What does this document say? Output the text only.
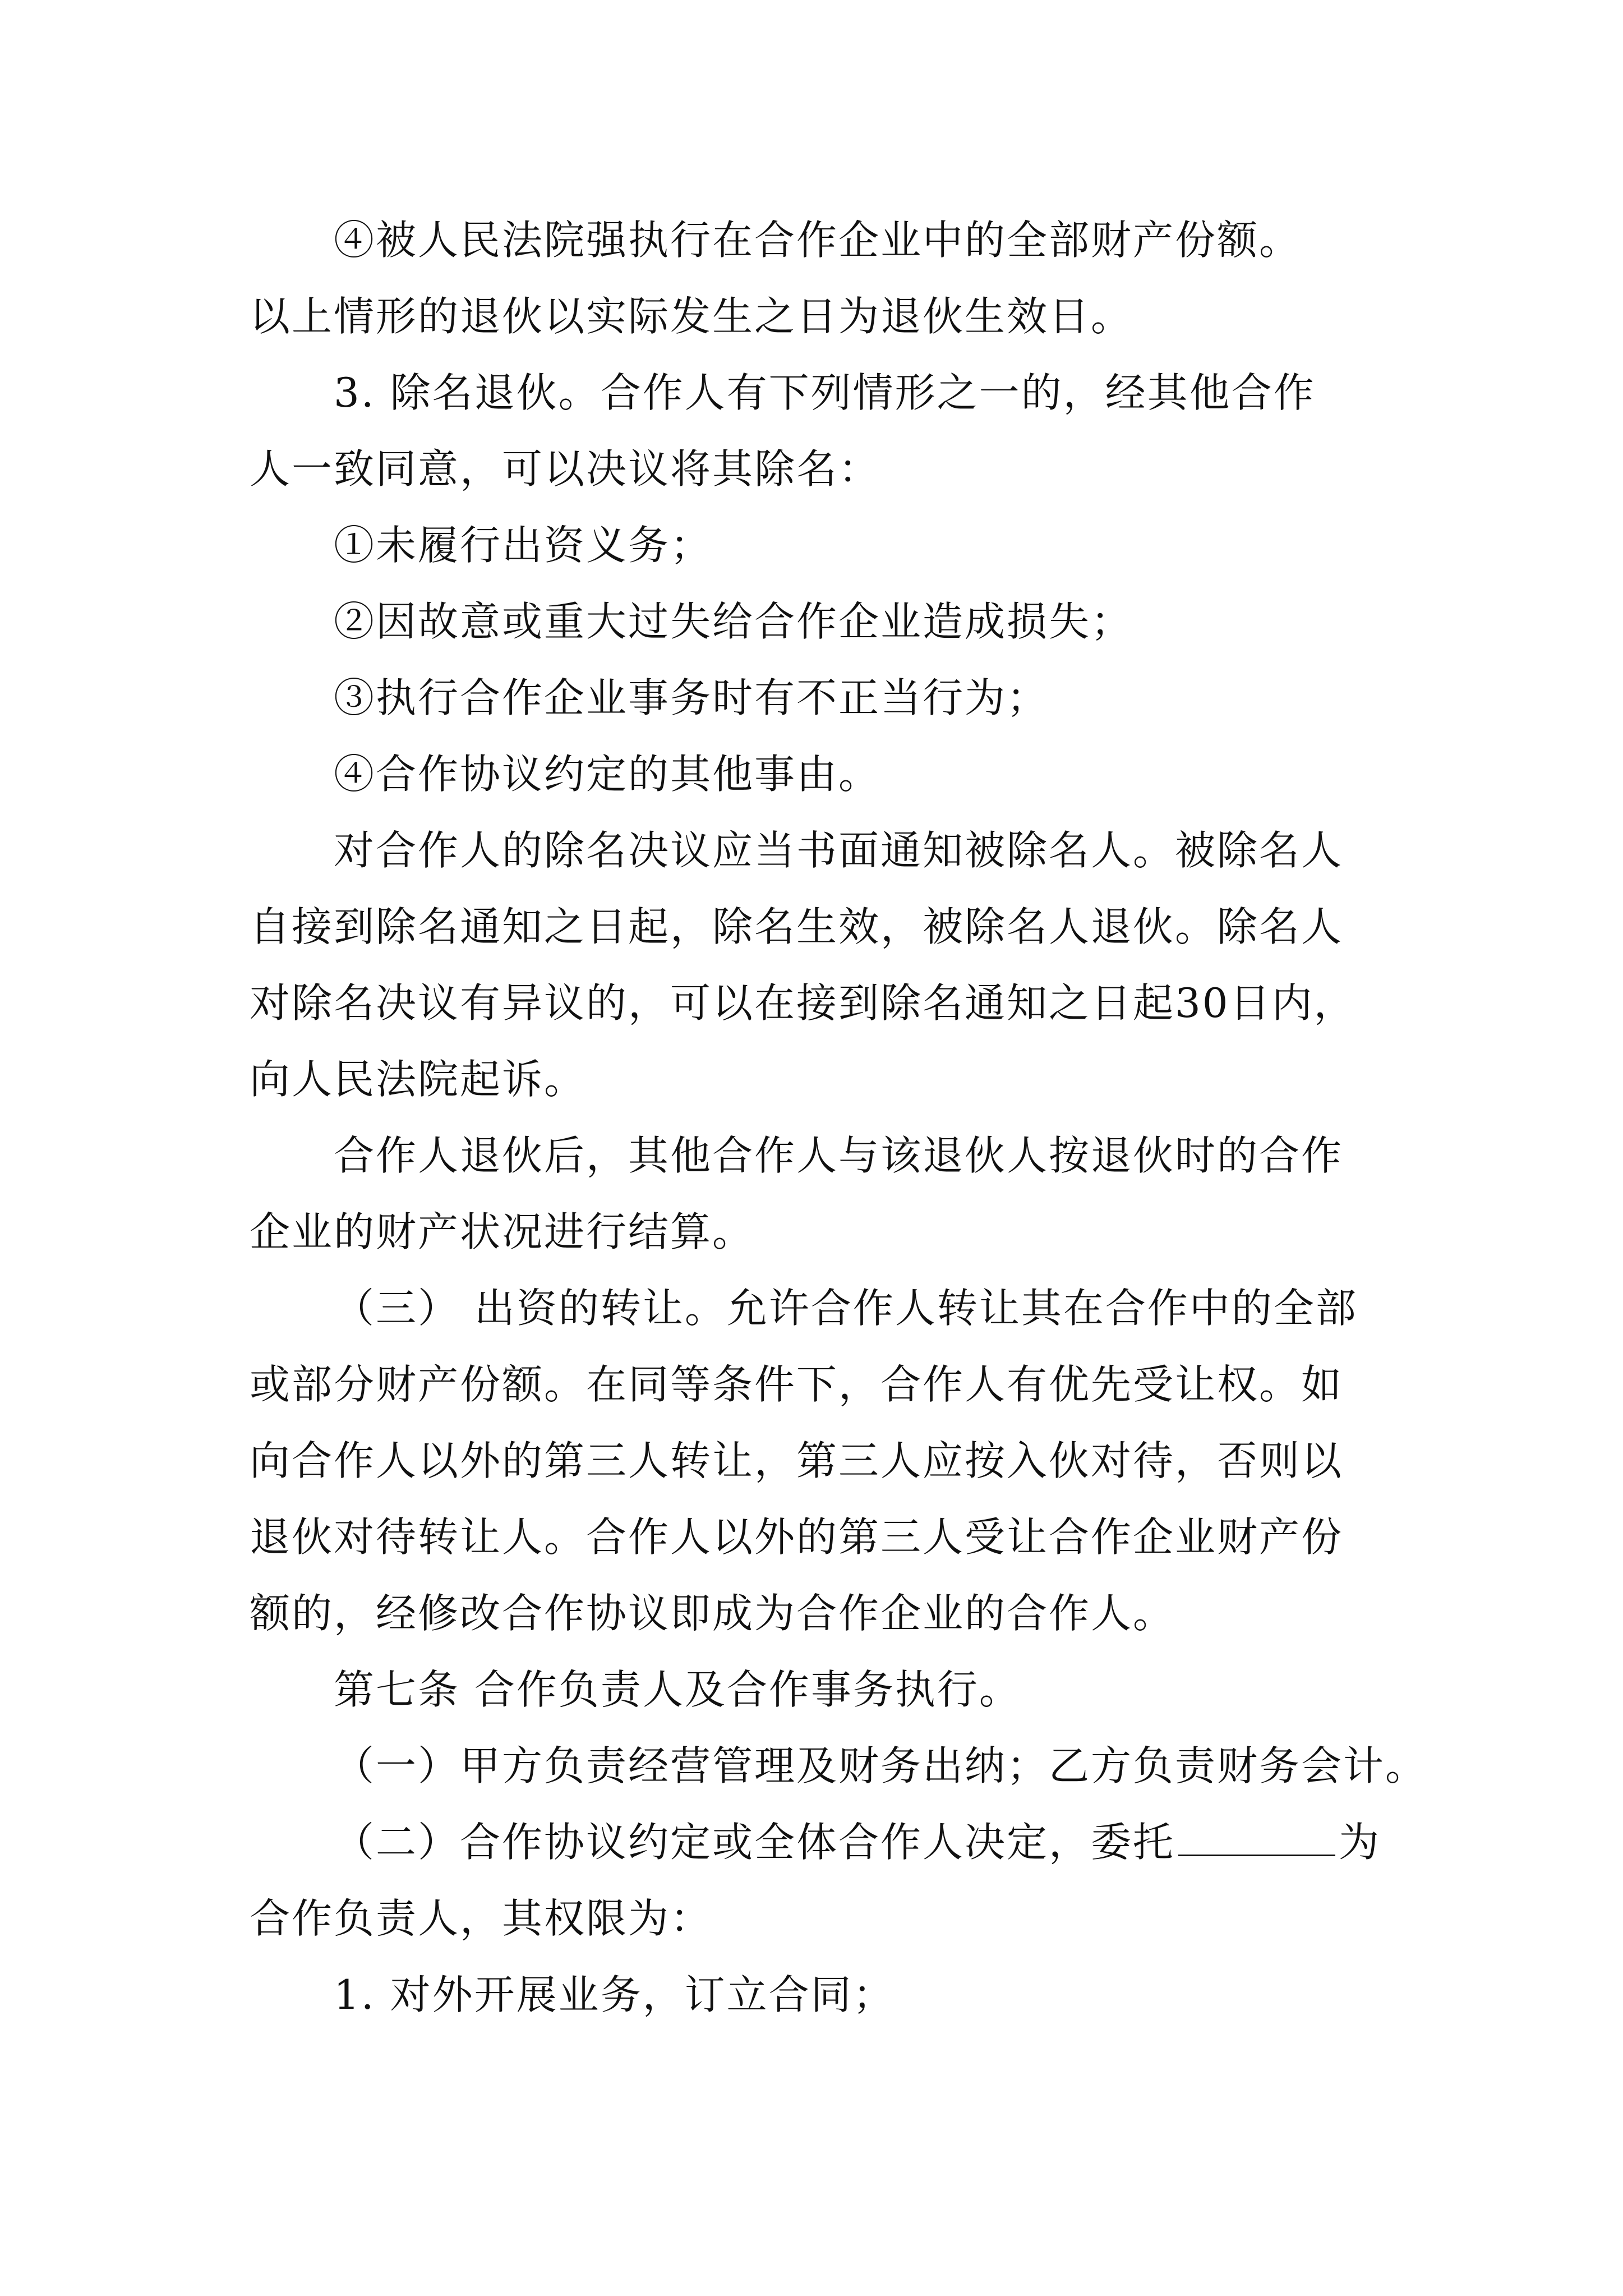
④被人民法院强执行在合作企业中的全部财产份额。
以上情形的退伙以实际发生之日为退伙生效日。
3. 除名退伙。合作人有下列情形之一的，经其他合作
人一致同意，可以决议将其除名：
①未履行出资义务；
②因故意或重大过失给合作企业造成损失；
③执行合作企业事务时有不正当行为；
④合作协议约定的其他事由。
对合作人的除名决议应当书面通知被除名人。被除名人
自接到除名通知之日起，除名生效，被除名人退伙。除名人
对除名决议有异议的，可以在接到除名通知之日起30日内，
向人民法院起诉。
合作人退伙后，其他合作人与该退伙人按退伙时的合作
企业的财产状况进行结算。
（三） 出资的转让。允许合作人转让其在合作中的全部
或部分财产份额。在同等条件下，合作人有优先受让权。如
向合作人以外的第三人转让，第三人应按入伙对待，否则以
退伙对待转让人。合作人以外的第三人受让合作企业财产份
额的，经修改合作协议即成为合作企业的合作人。
第七条 合作负责人及合作事务执行。
（一）甲方负责经营管理及财务出纳；乙方负责财务会计。
（二）合作协议约定或全体合作人决定，委托	为
合作负责人，其权限为：
1. 对外开展业务，订立合同；
